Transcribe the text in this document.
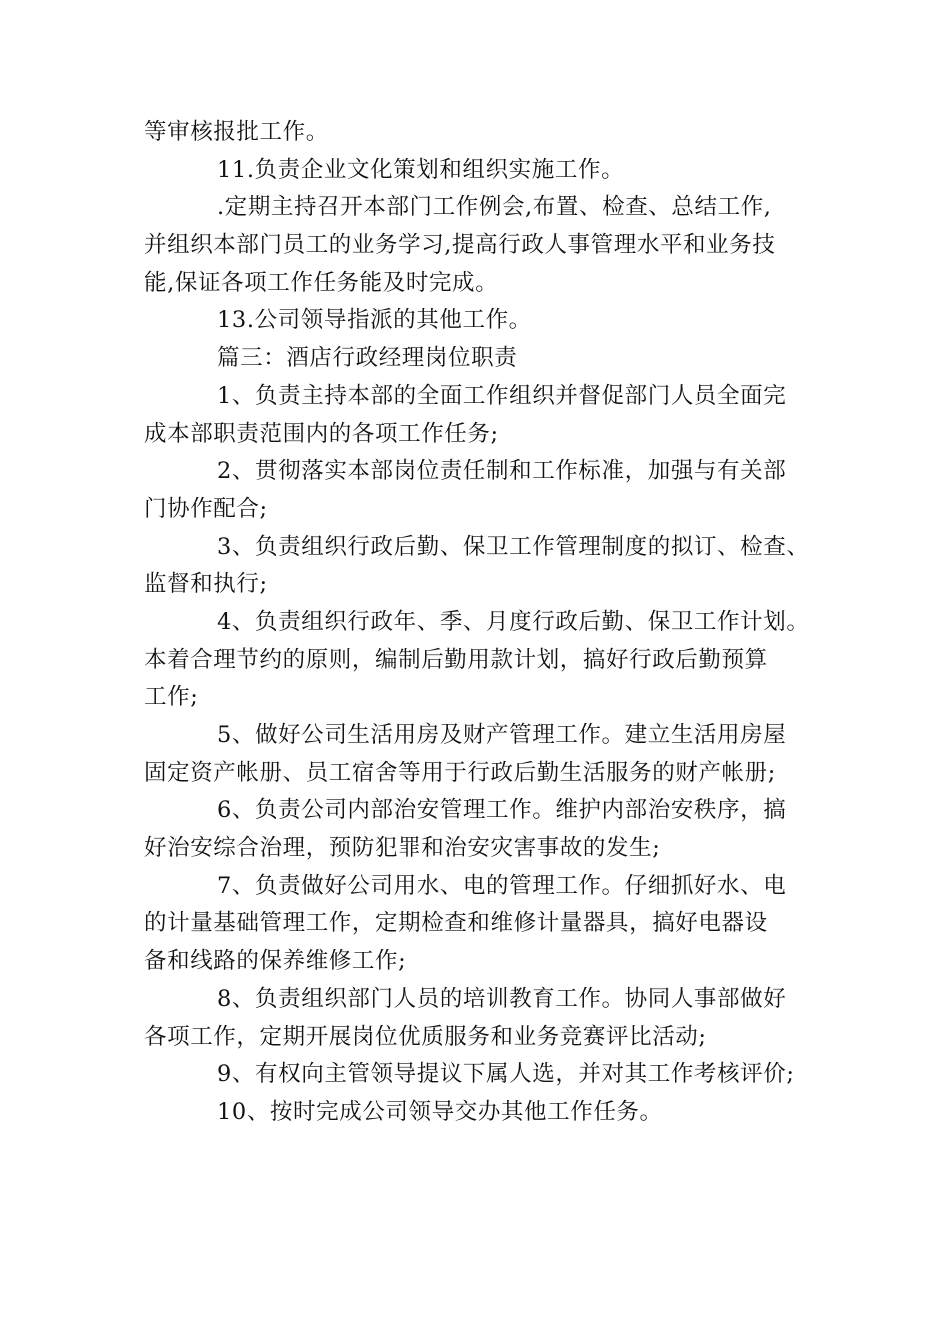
等审核报批工作。
11.负责企业文化策划和组织实施工作。
.定期主持召开本部门工作例会,布置、检查、总结工作,
并组织本部门员工的业务学习,提高行政人事管理水平和业务技
能,保证各项工作任务能及时完成。
13.公司领导指派的其他工作。
篇三：酒店行政经理岗位职责
1、负责主持本部的全面工作组织并督促部门人员全面完
成本部职责范围内的各项工作任务;
2、贯彻落实本部岗位责任制和工作标准，加强与有关部
门协作配合;
3、负责组织行政后勤、保卫工作管理制度的拟订、检查、
监督和执行;
4、负责组织行政年、季、月度行政后勤、保卫工作计划。
本着合理节约的原则，编制后勤用款计划，搞好行政后勤预算
工作;
5、做好公司生活用房及财产管理工作。建立生活用房屋
固定资产帐册、员工宿舍等用于行政后勤生活服务的财产帐册;
6、负责公司内部治安管理工作。维护内部治安秩序，搞
好治安综合治理，预防犯罪和治安灾害事故的发生;
7、负责做好公司用水、电的管理工作。仔细抓好水、电
的计量基础管理工作，定期检查和维修计量器具，搞好电器设
备和线路的保养维修工作;
8、负责组织部门人员的培训教育工作。协同人事部做好
各项工作，定期开展岗位优质服务和业务竞赛评比活动;
9、有权向主管领导提议下属人选，并对其工作考核评价;
10、按时完成公司领导交办其他工作任务。
